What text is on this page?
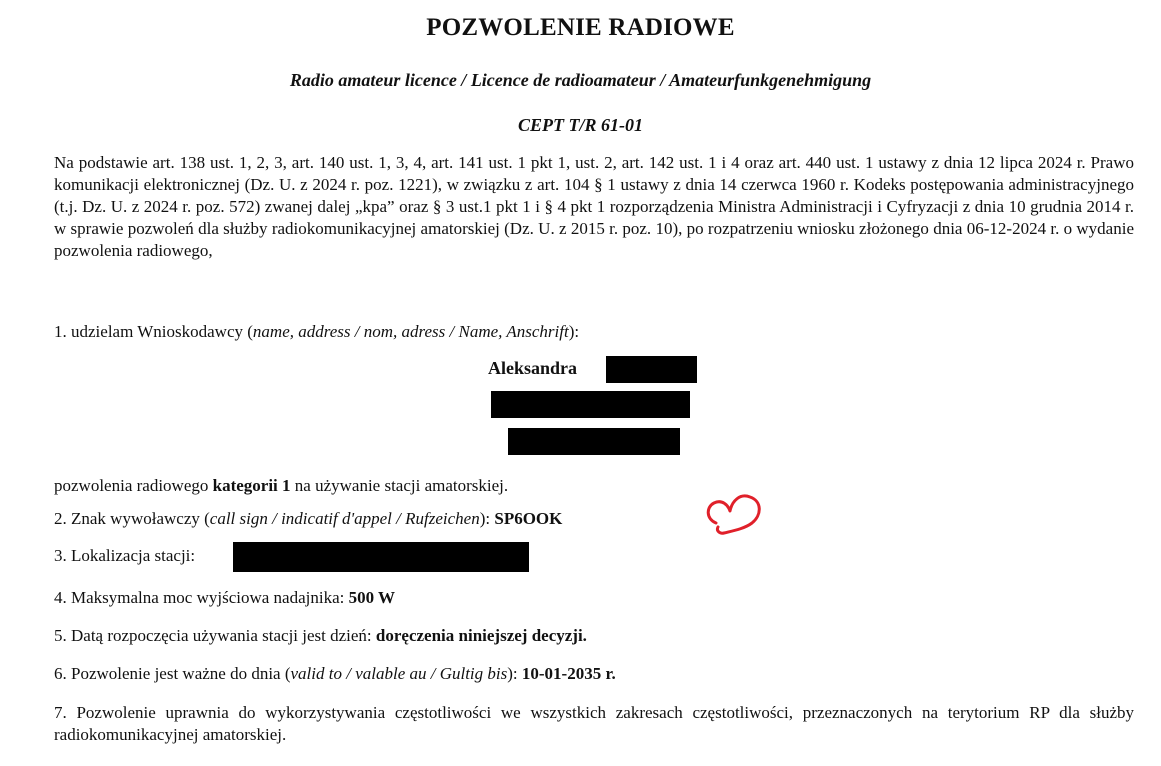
POZWOLENIE RADIOWE
Radio amateur licence / Licence de radioamateur / Amateurfunkgenehmigung
CEPT T/R 61-01
Na podstawie art. 138 ust. 1, 2, 3, art. 140 ust. 1, 3, 4, art. 141 ust. 1 pkt 1, ust. 2, art. 142 ust. 1 i 4 oraz art. 440 ust. 1 ustawy z dnia 12 lipca 2024 r. Prawo komunikacji elektronicznej (Dz. U. z 2024 r. poz. 1221), w związku z art. 104 § 1 ustawy z dnia 14 czerwca 1960 r. Kodeks postępowania administracyjnego (t.j. Dz. U. z 2024 r. poz. 572) zwanej dalej „kpa” oraz § 3 ust.1 pkt 1 i § 4 pkt 1 rozporządzenia Ministra Administracji i Cyfryzacji z dnia 10 grudnia 2014 r. w sprawie pozwoleń dla służby radiokomunikacyjnej amatorskiej (Dz. U. z 2015 r. poz. 10), po rozpatrzeniu wniosku złożonego dnia 06-12-2024 r. o wydanie pozwolenia radiowego,
1. udzielam Wnioskodawcy (name, address / nom, adress / Name, Anschrift):
Aleksandra
pozwolenia radiowego kategorii 1 na używanie stacji amatorskiej.
2. Znak wywoławczy (call sign / indicatif d'appel / Rufzeichen): SP6OOK
3. Lokalizacja stacji:
4. Maksymalna moc wyjściowa nadajnika: 500 W
5. Datą rozpoczęcia używania stacji jest dzień: doręczenia niniejszej decyzji.
6. Pozwolenie jest ważne do dnia (valid to / valable au / Gultig bis): 10-01-2035 r.
7. Pozwolenie uprawnia do wykorzystywania częstotliwości we wszystkich zakresach częstotliwości, przeznaczonych na terytorium RP dla służby radiokomunikacyjnej amatorskiej.
